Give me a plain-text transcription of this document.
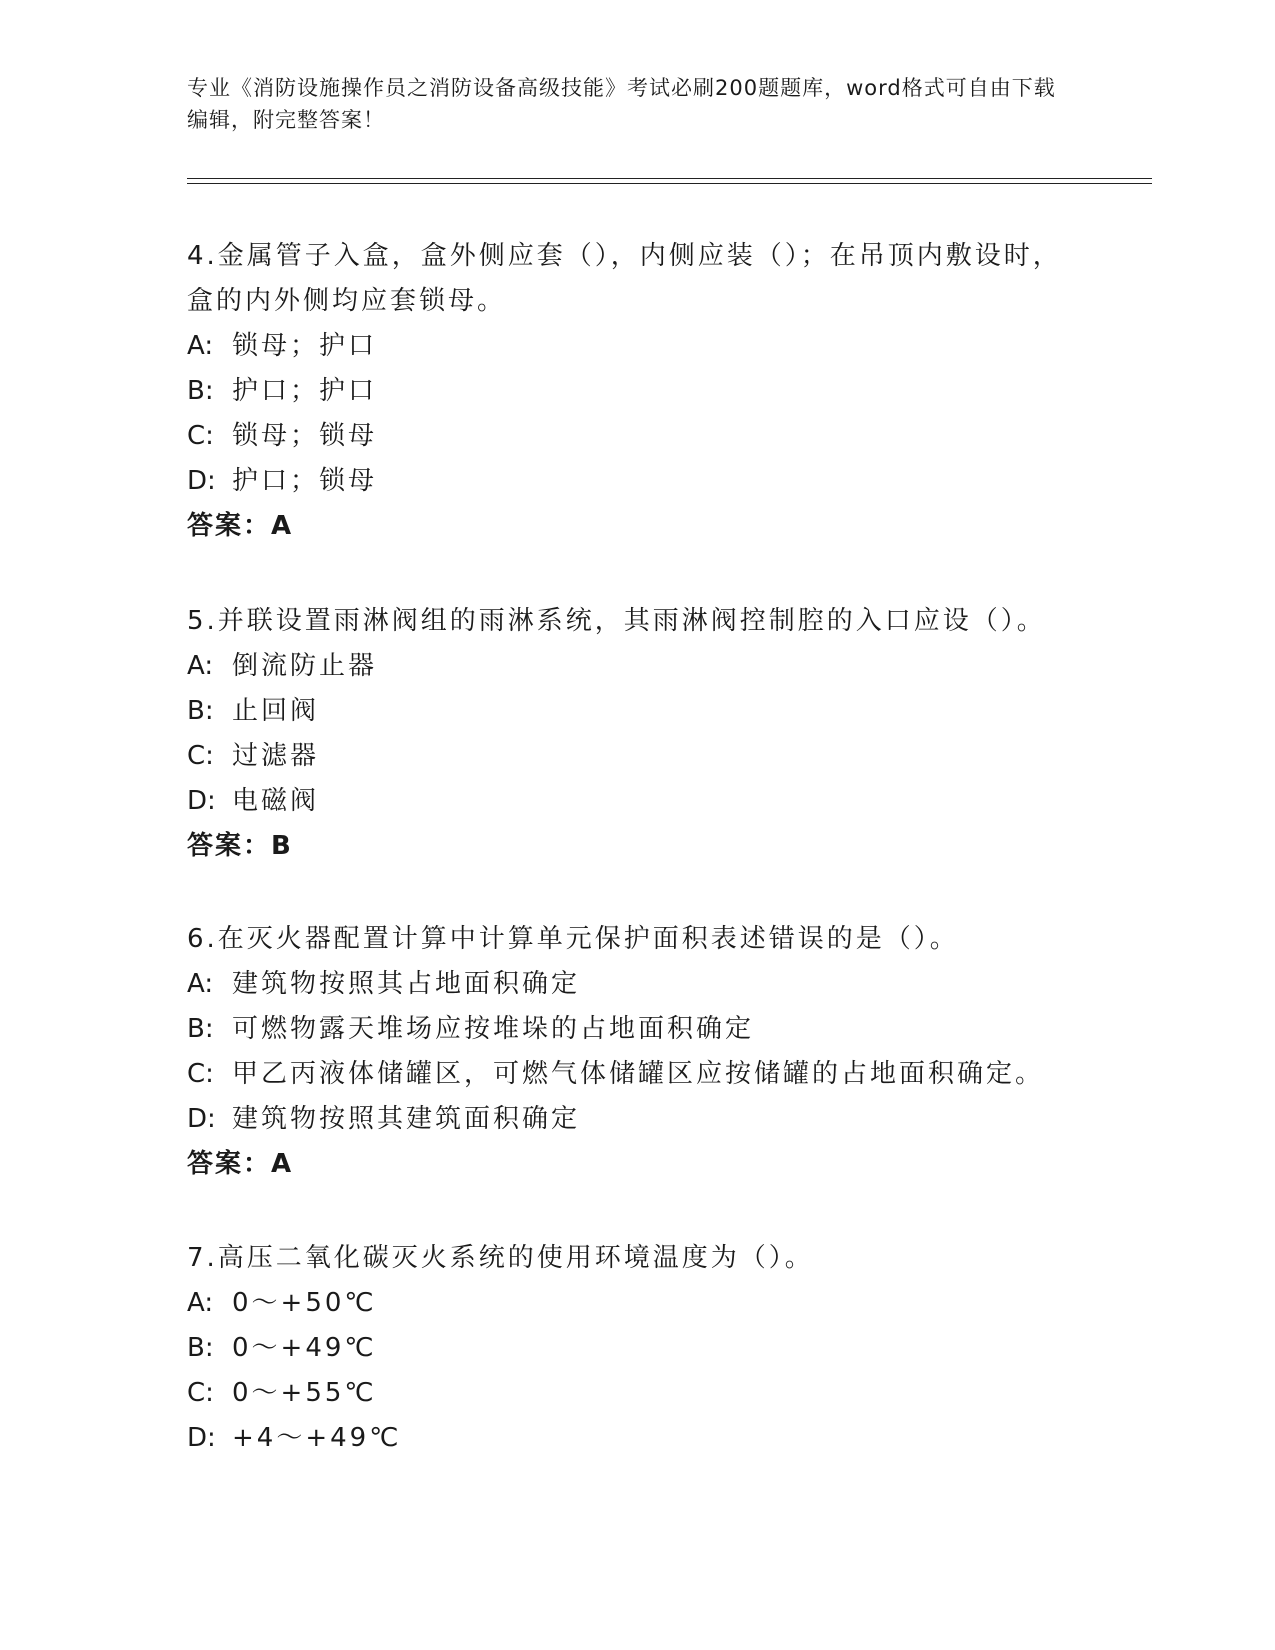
专业《消防设施操作员之消防设备高级技能》考试必刷200题题库，word格式可自由下载编辑，附完整答案！

4.金属管子入盒，盒外侧应套（），内侧应装（）；在吊顶内敷设时，盒的内外侧均应套锁母。

A: 锁母；护口

B: 护口；护口

C: 锁母；锁母

D: 护口；锁母

答案：A

5.并联设置雨淋阀组的雨淋系统，其雨淋阀控制腔的入口应设（）。

A: 倒流防止器

B: 止回阀

C: 过滤器

D: 电磁阀

答案：B

6.在灭火器配置计算中计算单元保护面积表述错误的是（）。

A: 建筑物按照其占地面积确定

B: 可燃物露天堆场应按堆垛的占地面积确定

C: 甲乙丙液体储罐区，可燃气体储罐区应按储罐的占地面积确定。

D: 建筑物按照其建筑面积确定

答案：A

7.高压二氧化碳灭火系统的使用环境温度为（）。

A: 0～+50℃

B: 0～+49℃

C: 0～+55℃

D: +4～+49℃
